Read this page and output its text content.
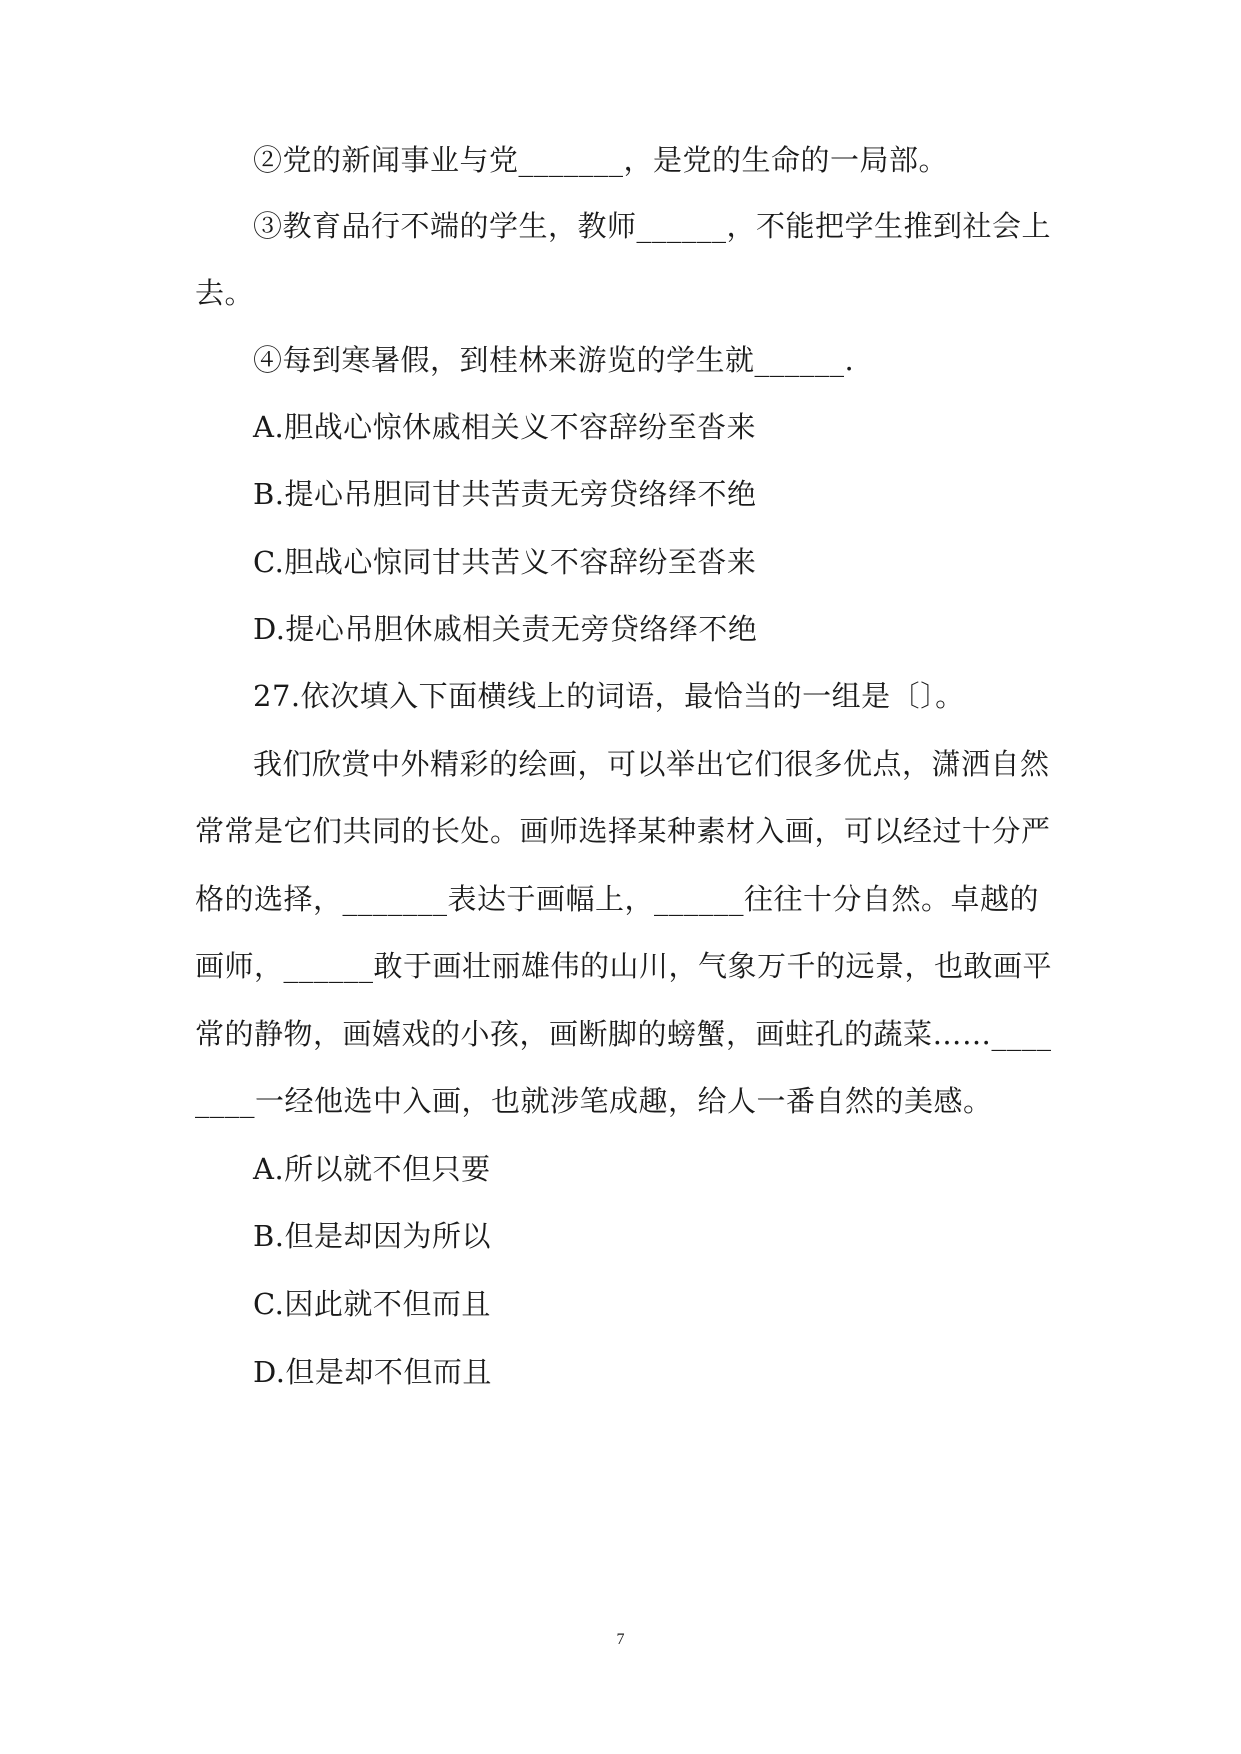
②党的新闻事业与党_______，是党的生命的一局部。
③教育品行不端的学生，教师______，不能把学生推到社会上
去。
④每到寒暑假，到桂林来游览的学生就______.
A.胆战心惊休戚相关义不容辞纷至沓来
B.提心吊胆同甘共苦责无旁贷络绎不绝
C.胆战心惊同甘共苦义不容辞纷至沓来
D.提心吊胆休戚相关责无旁贷络绎不绝
27.依次填入下面横线上的词语，最恰当的一组是〔〕。
我们欣赏中外精彩的绘画，可以举出它们很多优点，潇洒自然
常常是它们共同的长处。画师选择某种素材入画，可以经过十分严
格的选择，_______表达于画幅上，______往往十分自然。卓越的
画师，______敢于画壮丽雄伟的山川，气象万千的远景，也敢画平
常的静物，画嬉戏的小孩，画断脚的螃蟹，画蛀孔的蔬菜……____
____一经他选中入画，也就涉笔成趣，给人一番自然的美感。
A.所以就不但只要
B.但是却因为所以
C.因此就不但而且
D.但是却不但而且
7
